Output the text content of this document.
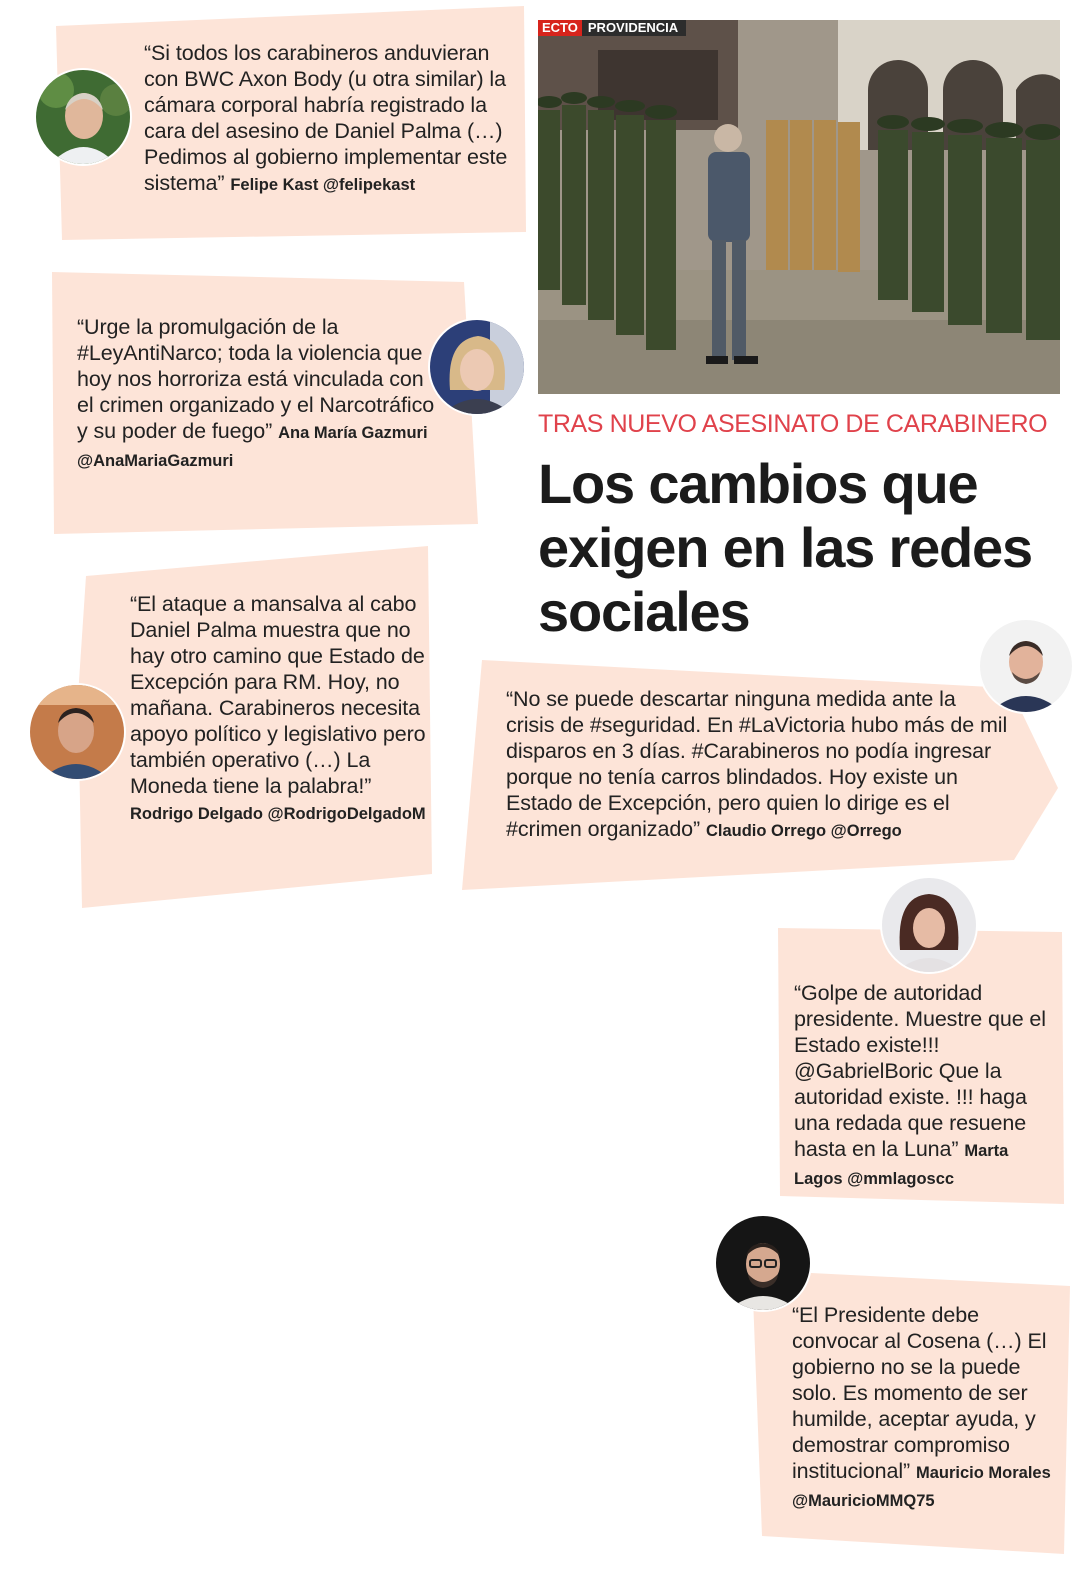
ECTO PROVIDENCIA
TRAS NUEVO ASESINATO DE CARABINERO
Los cambios que exigen en las redes sociales

“Si todos los carabineros anduvieran con BWC Axon Body (u otra similar) la cámara corporal habría registrado la cara del asesino de Daniel Palma (…) Pedimos al gobierno implementar este sistema” Felipe Kast @felipekast

“Urge la promulgación de la #LeyAntiNarco; toda la violencia que hoy nos horroriza está vinculada con el crimen organizado y el Narcotráfico y su poder de fuego” Ana María Gazmuri @AnaMariaGazmuri

“El ataque a mansalva al cabo Daniel Palma muestra que no hay otro camino que Estado de Excepción para RM. Hoy, no mañana. Carabineros necesita apoyo político y legislativo pero también operativo (…) La Moneda tiene la palabra!” Rodrigo Delgado @RodrigoDelgadoM

“No se puede descartar ninguna medida ante la crisis de #seguridad. En #LaVictoria hubo más de mil disparos en 3 días. #Carabineros no podía ingresar porque no tenía carros blindados. Hoy existe un Estado de Excepción, pero quien lo dirige es el #crimen organizado” Claudio Orrego @Orrego

“Golpe de autoridad presidente. Muestre que el Estado existe!!! @GabrielBoric Que la autoridad existe. !!! haga una redada que resuene hasta en la Luna” Marta Lagos @mmlagoscc

“El Presidente debe convocar al Cosena (…) El gobierno no se la puede solo. Es momento de ser humilde, aceptar ayuda, y demostrar compromiso institucional” Mauricio Morales @MauricioMMQ75
